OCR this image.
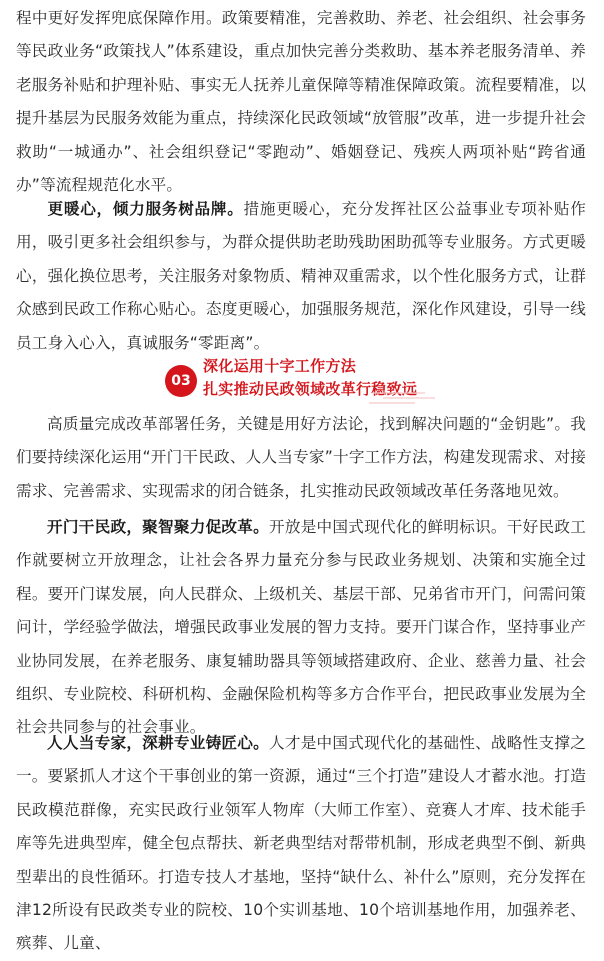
程中更好发挥兜底保障作用。政策要精准，完善救助、养老、社会组织、社会事务等民政业务“政策找人”体系建设，重点加快完善分类救助、基本养老服务清单、养老服务补贴和护理补贴、事实无人抚养儿童保障等精准保障政策。流程要精准，以提升基层为民服务效能为重点，持续深化民政领域“放管服”改革，进一步提升社会救助“一城通办”、社会组织登记“零跑动”、婚姻登记、残疾人两项补贴“跨省通办”等流程规范化水平。

更暖心，倾力服务树品牌。措施更暖心，充分发挥社区公益事业专项补贴作用，吸引更多社会组织参与，为群众提供助老助残助困助孤等专业服务。方式更暖心，强化换位思考，关注服务对象物质、精神双重需求，以个性化服务方式，让群众感到民政工作称心贴心。态度更暖心，加强服务规范，深化作风建设，引导一线员工身入心入，真诚服务“零距离”。

03
深化运用十字工作方法
扎实推动民政领域改革行稳致远

高质量完成改革部署任务，关键是用好方法论，找到解决问题的“金钥匙”。我们要持续深化运用“开门干民政、人人当专家”十字工作方法，构建发现需求、对接需求、完善需求、实现需求的闭合链条，扎实推动民政领域改革任务落地见效。

开门干民政，聚智聚力促改革。开放是中国式现代化的鲜明标识。干好民政工作就要树立开放理念，让社会各界力量充分参与民政业务规划、决策和实施全过程。要开门谋发展，向人民群众、上级机关、基层干部、兄弟省市开门，问需问策问计，学经验学做法，增强民政事业发展的智力支持。要开门谋合作，坚持事业产业协同发展，在养老服务、康复辅助器具等领域搭建政府、企业、慈善力量、社会组织、专业院校、科研机构、金融保险机构等多方合作平台，把民政事业发展为全社会共同参与的社会事业。

人人当专家，深耕专业铸匠心。人才是中国式现代化的基础性、战略性支撑之一。要紧抓人才这个干事创业的第一资源，通过“三个打造”建设人才蓄水池。打造民政模范群像，充实民政行业领军人物库（大师工作室）、竞赛人才库、技术能手库等先进典型库，健全包点帮扶、新老典型结对帮带机制，形成老典型不倒、新典型辈出的良性循环。打造专技人才基地，坚持“缺什么、补什么”原则，充分发挥在津12所设有民政类专业的院校、10个实训基地、10个培训基地作用，加强养老、殡葬、儿童、
